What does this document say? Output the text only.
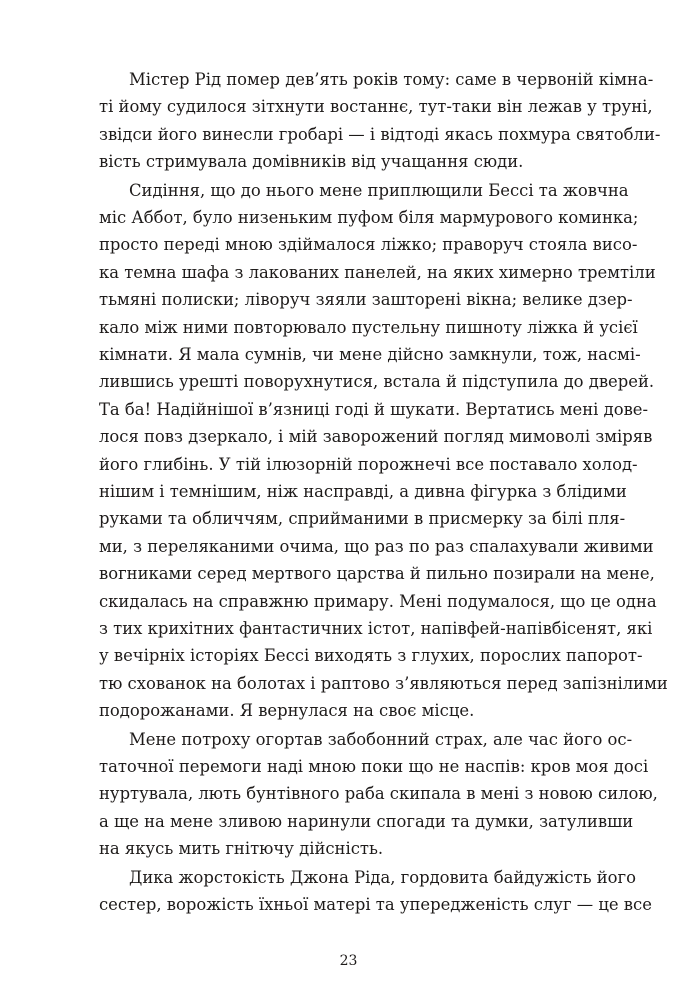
Містер Рід помер дев’ять років тому: саме в червоній кімна-
ті йому судилося зітхнути востаннє, тут-таки він лежав у труні,
звідси його винесли гробарі — і відтоді якась похмура святобли-
вість стримувала домівників від учащання сюди.
Сидіння, що до нього мене приплющили Бессі та жовчна
міс Аббот, було низеньким пуфом біля мармурового коминка;
просто переді мною здіймалося ліжко; праворуч стояла висо-
ка темна шафа з лакованих панелей, на яких химерно тремтіли
тьмяні полиски; ліворуч зяяли зашторені вікна; велике дзер-
кало між ними повторювало пустельну пишноту ліжка й усієї
кімнати. Я мала сумнів, чи мене дійсно замкнули, тож, насмі-
лившись урешті поворухнутися, встала й підступила до дверей.
Та ба! Надійнішої в’язниці годі й шукати. Вертатись мені довe-
лося повз дзеркало, і мій заворожений погляд мимоволі зміряв
його глибінь. У тій ілюзорній порожнечі все поставало холод-
нішим і темнішим, ніж насправді, а дивна фігурка з блідими
руками та обличчям, сприйманими в присмерку за білі пля-
ми, з переляканими очима, що раз по раз спалахували живими
вогниками серед мертвого царства й пильно позирали на мене,
скидалась на справжню примару. Мені подумалося, що це одна
з тих крихітних фантастичних істот, напівфей-напівбісенят, які
у вечірніх історіях Бессі виходять з глухих, порослих папорот-
тю схованок на болотах і раптово з’являються перед запізнілими
подорожанами. Я вернулася на своє місце.
Мене потроху огортав забобонний страх, але час його ос-
таточної перемоги наді мною поки що не наспів: кров моя досі
нуртувала, лють бунтівного раба скипала в мені з новою силою,
а ще на мене зливою наринули спогади та думки, затуливши
на якусь мить гнітючу дійсність.
Дика жорстокість Джона Ріда, гордовита байдужість його
сестер, ворожість їхньої матері та упередженість слуг — це все
23
